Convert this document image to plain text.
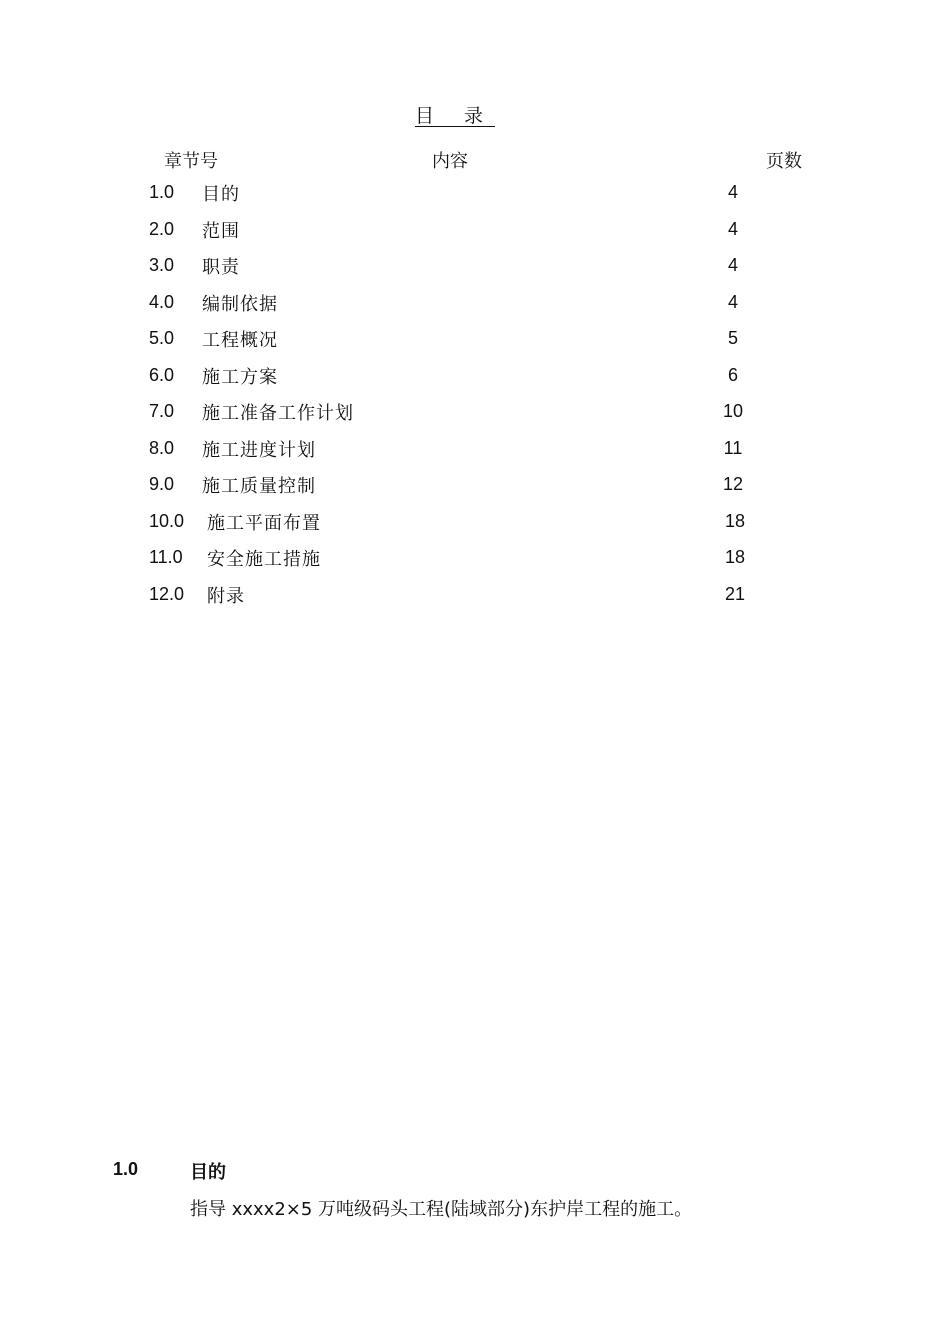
目 录
章节号	内容	页数
1.0 目的	4
2.0 范围	4
3.0 职责	4
4.0 编制依据	4
5.0 工程概况	5
6.0 施工方案	6
7.0 施工准备工作计划	10
8.0 施工进度计划	11
9.0 施工质量控制	12
10.0 施工平面布置	18
11.0 安全施工措施	18
12.0 附录	21
1.0	目的
指导 xxxx2×5 万吨级码头工程(陆域部分)东护岸工程的施工。
